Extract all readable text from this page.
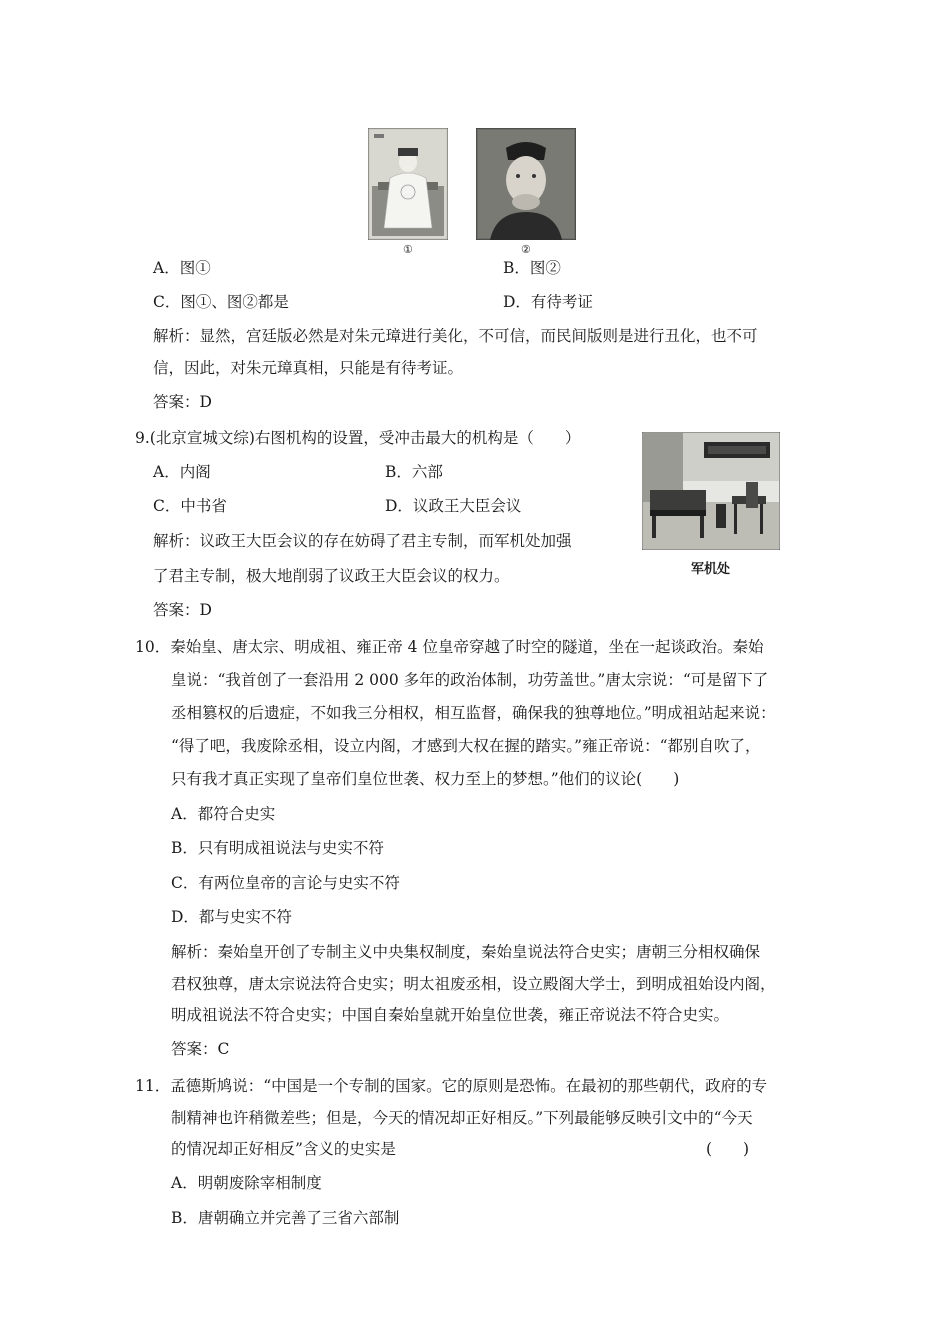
①	②
A．图①	B．图②
C．图①、图②都是	D．有待考证
解析：显然，宫廷版必然是对朱元璋进行美化，不可信，而民间版则是进行丑化，也不可
信，因此，对朱元璋真相，只能是有待考证。
答案：D
9.(北京宣城文综)右图机构的设置，受冲击最大的机构是（　　）
A．内阁	B．六部
C．中书省	D．议政王大臣会议
解析：议政王大臣会议的存在妨碍了君主专制，而军机处加强
了君主专制，极大地削弱了议政王大臣会议的权力。
答案：D
军机处
10．秦始皇、唐太宗、明成祖、雍正帝 4 位皇帝穿越了时空的隧道，坐在一起谈政治。秦始
皇说：“我首创了一套沿用 2 000 多年的政治体制，功劳盖世。”唐太宗说：“可是留下了
丞相篡权的后遗症，不如我三分相权，相互监督，确保我的独尊地位。”明成祖站起来说：
“得了吧，我废除丞相，设立内阁，才感到大权在握的踏实。”雍正帝说：“都别自吹了，
只有我才真正实现了皇帝们皇位世袭、权力至上的梦想。”他们的议论(　　)
A．都符合史实
B．只有明成祖说法与史实不符
C．有两位皇帝的言论与史实不符
D．都与史实不符
解析：秦始皇开创了专制主义中央集权制度，秦始皇说法符合史实；唐朝三分相权确保
君权独尊，唐太宗说法符合史实；明太祖废丞相，设立殿阁大学士，到明成祖始设内阁，
明成祖说法不符合史实；中国自秦始皇就开始皇位世袭，雍正帝说法不符合史实。
答案：C
11．孟德斯鸠说：“中国是一个专制的国家。它的原则是恐怖。在最初的那些朝代，政府的专
制精神也许稍微差些；但是，今天的情况却正好相反。”下列最能够反映引文中的“今天
的情况却正好相反”含义的史实是	(　　)
A．明朝废除宰相制度
B．唐朝确立并完善了三省六部制
